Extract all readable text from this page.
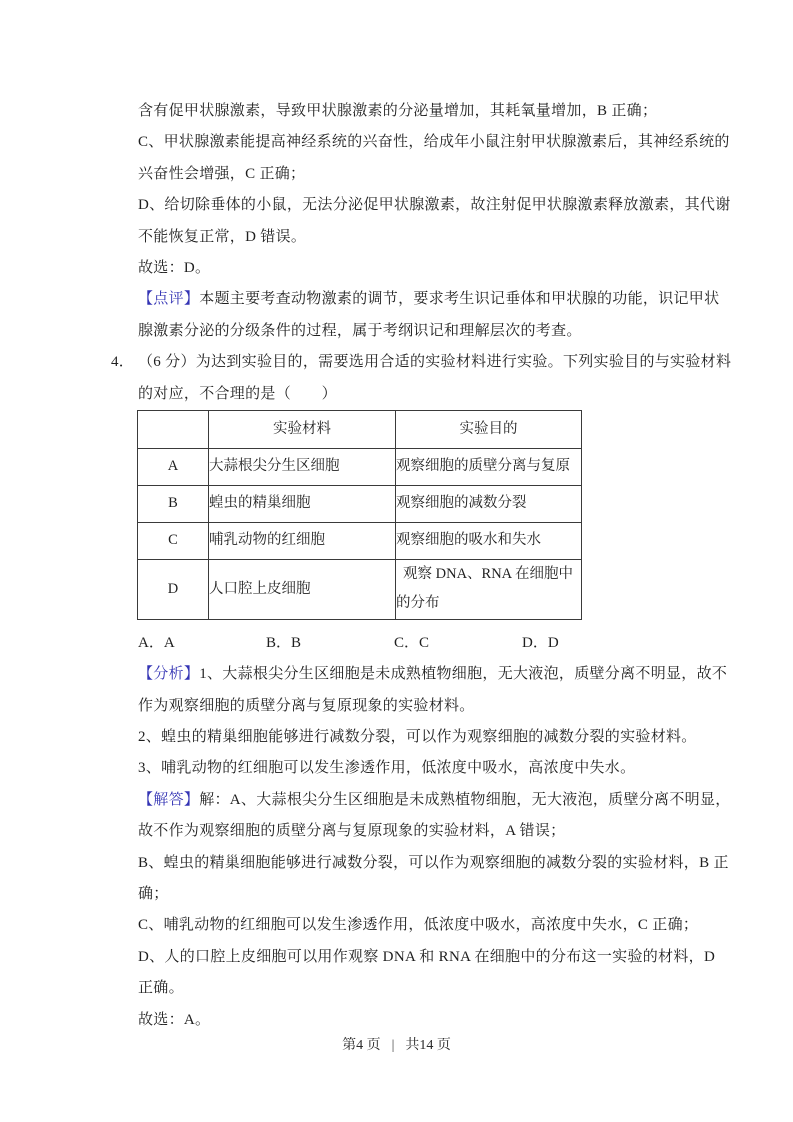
含有促甲状腺激素，导致甲状腺激素的分泌量增加，其耗氧量增加，B 正确；
C、甲状腺激素能提高神经系统的兴奋性，给成年小鼠注射甲状腺激素后，其神经系统的
兴奋性会增强，C 正确；
D、给切除垂体的小鼠，无法分泌促甲状腺激素，故注射促甲状腺激素释放激素，其代谢
不能恢复正常，D 错误。
故选：D。
【点评】本题主要考查动物激素的调节，要求考生识记垂体和甲状腺的功能，识记甲状
腺激素分泌的分级条件的过程，属于考纲识记和理解层次的考查。
4． （6 分）为达到实验目的，需要选用合适的实验材料进行实验。下列实验目的与实验材料
的对应，不合理的是（　　）
	实验材料	实验目的
A	大蒜根尖分生区细胞	观察细胞的质壁分离与复原
B	蝗虫的精巢细胞	观察细胞的减数分裂
C	哺乳动物的红细胞	观察细胞的吸水和失水
D	人口腔上皮细胞	观察 DNA、RNA 在细胞中的分布
A．A	B．B	C．C	D．D
【分析】1、大蒜根尖分生区细胞是未成熟植物细胞，无大液泡，质壁分离不明显，故不
作为观察细胞的质壁分离与复原现象的实验材料。
2、蝗虫的精巢细胞能够进行减数分裂，可以作为观察细胞的减数分裂的实验材料。
3、哺乳动物的红细胞可以发生渗透作用，低浓度中吸水，高浓度中失水。
【解答】解：A、大蒜根尖分生区细胞是未成熟植物细胞，无大液泡，质壁分离不明显，
故不作为观察细胞的质壁分离与复原现象的实验材料，A 错误；
B、蝗虫的精巢细胞能够进行减数分裂，可以作为观察细胞的减数分裂的实验材料，B 正
确；
C、哺乳动物的红细胞可以发生渗透作用，低浓度中吸水，高浓度中失水，C 正确；
D、人的口腔上皮细胞可以用作观察 DNA 和 RNA 在细胞中的分布这一实验的材料，D
正确。
故选：A。
第4 页 | 共14 页
